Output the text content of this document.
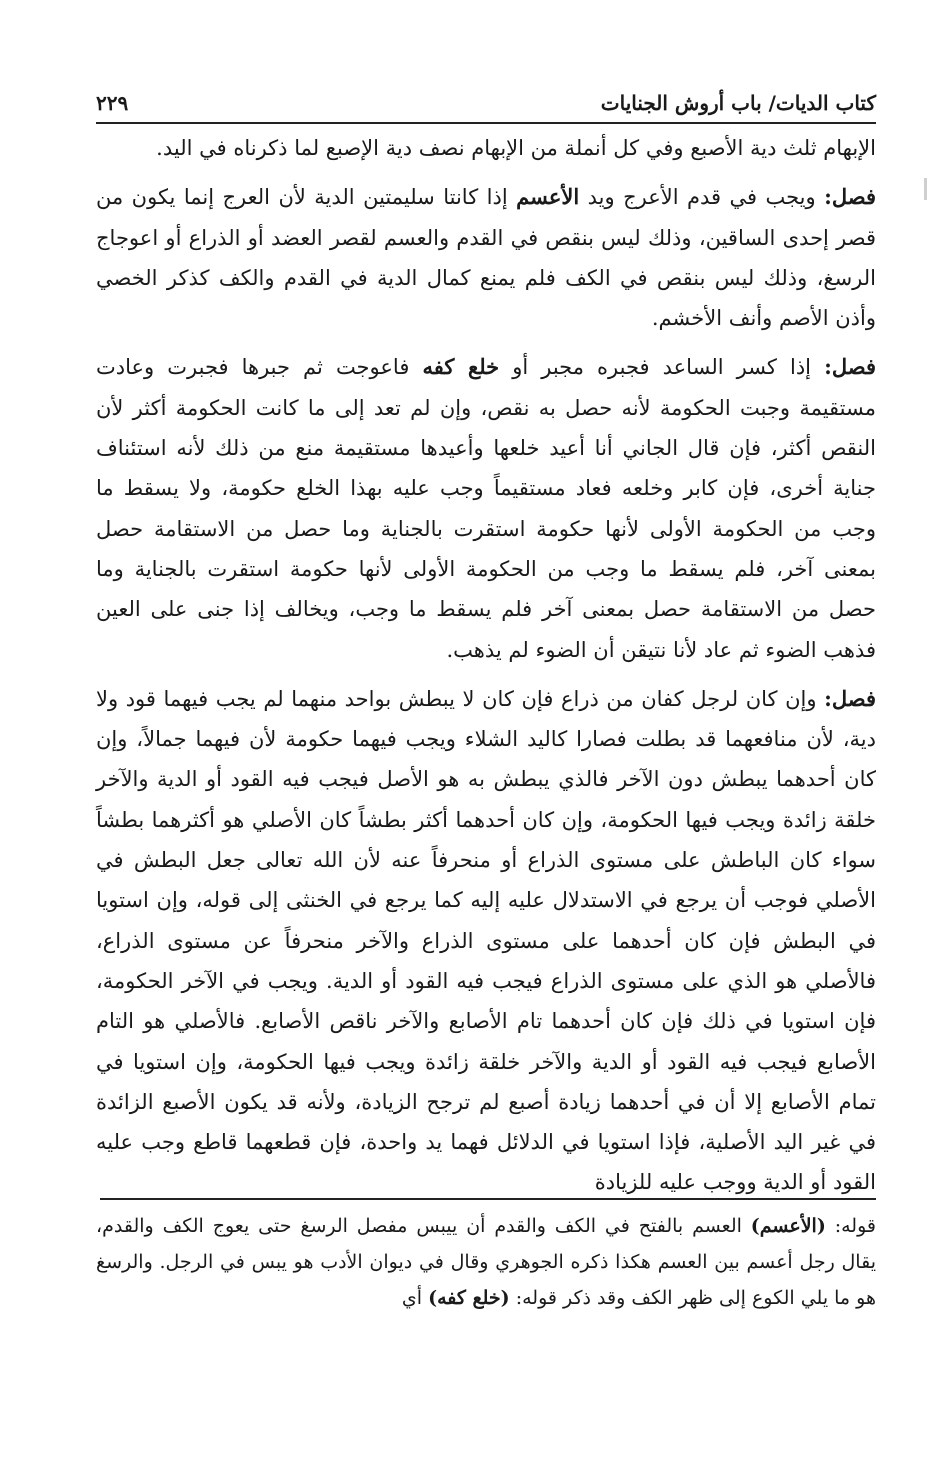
كتاب الديات/ باب أروش الجنايات
٢٢٩

الإبهام ثلث دية الأصبع وفي كل أنملة من الإبهام نصف دية الإصبع لما ذكرناه في اليد.

فصل: ويجب في قدم الأعرج ويد الأعسم إذا كانتا سليمتين الدية لأن العرج إنما يكون من قصر إحدى الساقين، وذلك ليس بنقص في القدم والعسم لقصر العضد أو الذراع أو اعوجاج الرسغ، وذلك ليس بنقص في الكف فلم يمنع كمال الدية في القدم والكف كذكر الخصي وأذن الأصم وأنف الأخشم.

فصل: إذا كسر الساعد فجبره مجبر أو خلع كفه فاعوجت ثم جبرها فجبرت وعادت مستقيمة وجبت الحكومة لأنه حصل به نقص، وإن لم تعد إلى ما كانت الحكومة أكثر لأن النقص أكثر، فإن قال الجاني أنا أعيد خلعها وأعيدها مستقيمة منع من ذلك لأنه استئناف جناية أخرى، فإن كابر وخلعه فعاد مستقيماً وجب عليه بهذا الخلع حكومة، ولا يسقط ما وجب من الحكومة الأولى لأنها حكومة استقرت بالجناية وما حصل من الاستقامة حصل بمعنى آخر، فلم يسقط ما وجب من الحكومة الأولى لأنها حكومة استقرت بالجناية وما حصل من الاستقامة حصل بمعنى آخر فلم يسقط ما وجب، ويخالف إذا جنى على العين فذهب الضوء ثم عاد لأنا نتيقن أن الضوء لم يذهب.

فصل: وإن كان لرجل كفان من ذراع فإن كان لا يبطش بواحد منهما لم يجب فيهما قود ولا دية، لأن منافعهما قد بطلت فصارا كاليد الشلاء ويجب فيهما حكومة لأن فيهما جمالاً، وإن كان أحدهما يبطش دون الآخر فالذي يبطش به هو الأصل فيجب فيه القود أو الدية والآخر خلقة زائدة ويجب فيها الحكومة، وإن كان أحدهما أكثر بطشاً كان الأصلي هو أكثرهما بطشاً سواء كان الباطش على مستوى الذراع أو منحرفاً عنه لأن الله تعالى جعل البطش في الأصلي فوجب أن يرجع في الاستدلال عليه إليه كما يرجع في الخنثى إلى قوله، وإن استويا في البطش فإن كان أحدهما على مستوى الذراع والآخر منحرفاً عن مستوى الذراع، فالأصلي هو الذي على مستوى الذراع فيجب فيه القود أو الدية. ويجب في الآخر الحكومة، فإن استويا في ذلك فإن كان أحدهما تام الأصابع والآخر ناقص الأصابع. فالأصلي هو التام الأصابع فيجب فيه القود أو الدية والآخر خلقة زائدة ويجب فيها الحكومة، وإن استويا في تمام الأصابع إلا أن في أحدهما زيادة أصبع لم ترجح الزيادة، ولأنه قد يكون الأصبع الزائدة في غير اليد الأصلية، فإذا استويا في الدلائل فهما يد واحدة، فإن قطعهما قاطع وجب عليه القود أو الدية ووجب عليه للزيادة

قوله: (الأعسم) العسم بالفتح في الكف والقدم أن ييبس مفصل الرسغ حتى يعوج الكف والقدم، يقال رجل أعسم بين العسم هكذا ذكره الجوهري وقال في ديوان الأدب هو يبس في الرجل. والرسغ هو ما يلي الكوع إلى ظهر الكف وقد ذكر قوله: (خلع كفه) أي
